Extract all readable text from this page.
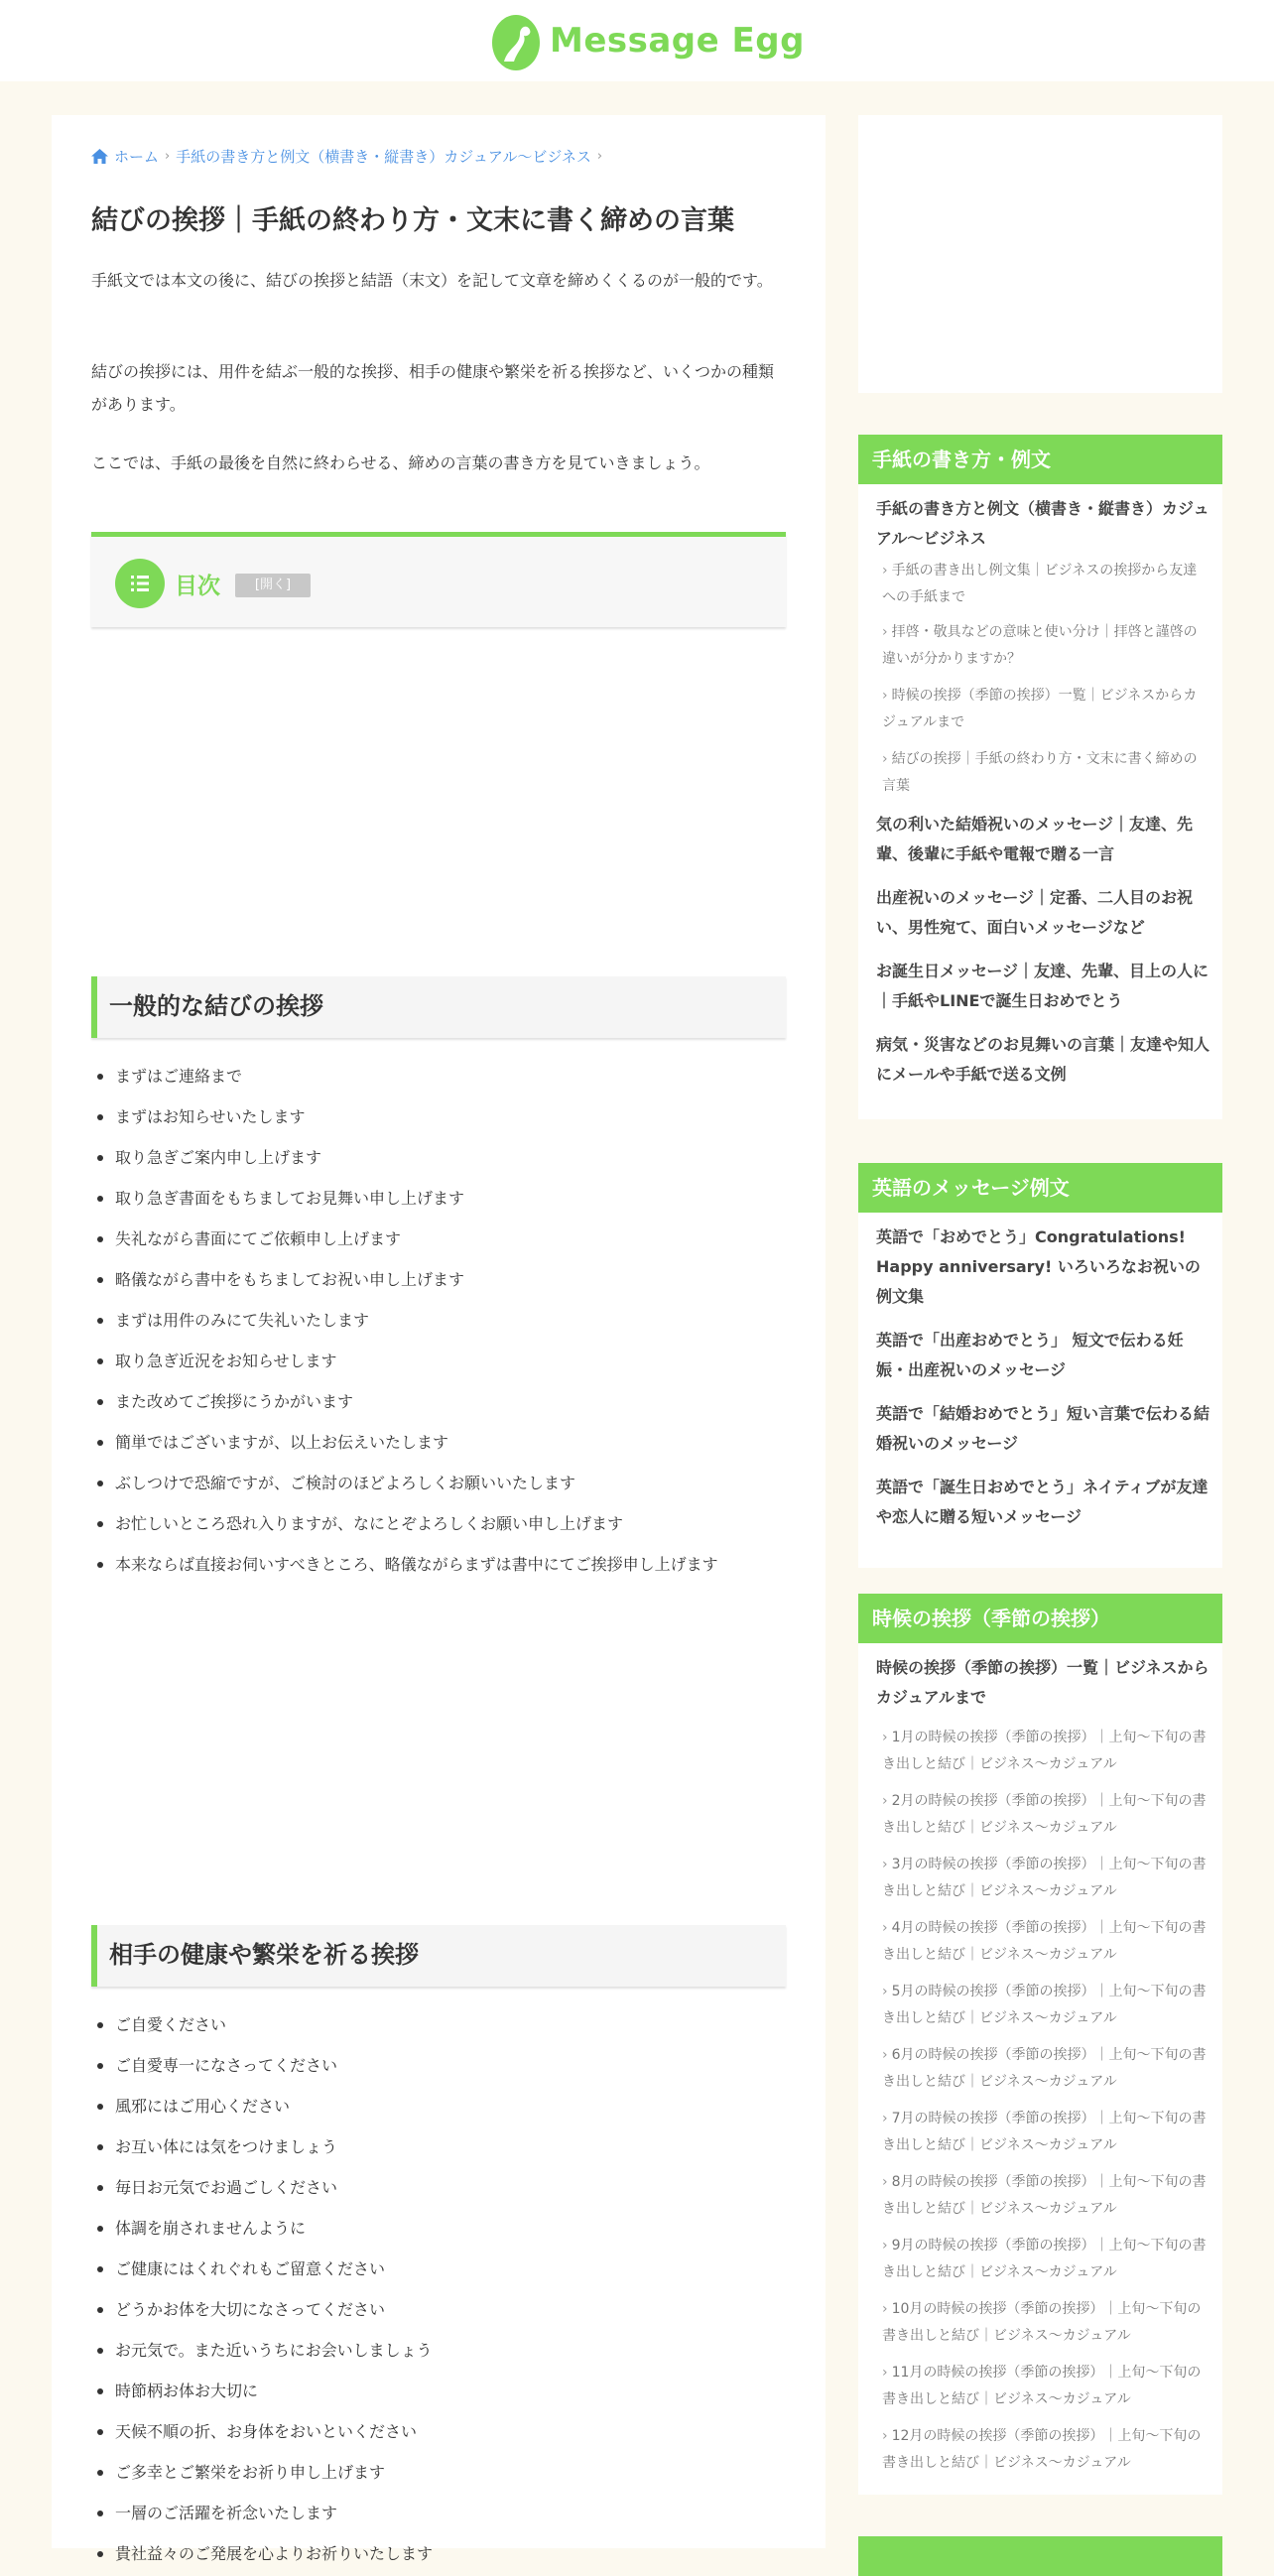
Message Egg
ホーム › 手紙の書き方と例文（横書き・縦書き）カジュアル～ビジネス ›
結びの挨拶｜手紙の終わり方・文末に書く締めの言葉

手紙文では本文の後に、結びの挨拶と結語（末文）を記して文章を締めくくるのが一般的です。

結びの挨拶には、用件を結ぶ一般的な挨拶、相手の健康や繁栄を祈る挨拶など、いくつかの種類があります。

ここでは、手紙の最後を自然に終わらせる、締めの言葉の書き方を見ていきましょう。

目次	[開く]
一般的な結びの挨拶
まずはご連絡まで
まずはお知らせいたします
取り急ぎご案内申し上げます
取り急ぎ書面をもちましてお見舞い申し上げます
失礼ながら書面にてご依頼申し上げます
略儀ながら書中をもちましてお祝い申し上げます
まずは用件のみにて失礼いたします
取り急ぎ近況をお知らせします
また改めてご挨拶にうかがいます
簡単ではございますが、以上お伝えいたします
ぶしつけで恐縮ですが、ご検討のほどよろしくお願いいたします
お忙しいところ恐れ入りますが、なにとぞよろしくお願い申し上げます
本来ならば直接お伺いすべきところ、略儀ながらまずは書中にてご挨拶申し上げます
相手の健康や繁栄を祈る挨拶
ご自愛ください
ご自愛専一になさってください
風邪にはご用心ください
お互い体には気をつけましょう
毎日お元気でお過ごしください
体調を崩されませんように
ご健康にはくれぐれもご留意ください
どうかお体を大切になさってください
お元気で。また近いうちにお会いしましょう
時節柄お体お大切に
天候不順の折、お身体をおいといください
ご多幸とご繁栄をお祈り申し上げます
一層のご活躍を祈念いたします
貴社益々のご発展を心よりお祈りいたします
手紙の書き方・例文
手紙の書き方と例文（横書き・縦書き）カジュアル～ビジネス
› 手紙の書き出し例文集｜ビジネスの挨拶から友達への手紙まで
› 拝啓・敬具などの意味と使い分け｜拝啓と謹啓の違いが分かりますか？
› 時候の挨拶（季節の挨拶）一覧｜ビジネスからカジュアルまで
› 結びの挨拶｜手紙の終わり方・文末に書く締めの言葉
気の利いた結婚祝いのメッセージ｜友達、先輩、後輩に手紙や電報で贈る一言
出産祝いのメッセージ｜定番、二人目のお祝い、男性宛て、面白いメッセージなど
お誕生日メッセージ｜友達、先輩、目上の人に｜手紙やLINEで誕生日おめでとう
病気・災害などのお見舞いの言葉｜友達や知人にメールや手紙で送る文例
英語のメッセージ例文
英語で「おめでとう」Congratulations! Happy anniversary! いろいろなお祝いの例文集
英語で「出産おめでとう」 短文で伝わる妊娠・出産祝いのメッセージ
英語で「結婚おめでとう」短い言葉で伝わる結婚祝いのメッセージ
英語で「誕生日おめでとう」ネイティブが友達や恋人に贈る短いメッセージ
時候の挨拶（季節の挨拶）
時候の挨拶（季節の挨拶）一覧｜ビジネスからカジュアルまで
› 1月の時候の挨拶（季節の挨拶）｜上旬～下旬の書き出しと結び｜ビジネス～カジュアル
› 2月の時候の挨拶（季節の挨拶）｜上旬～下旬の書き出しと結び｜ビジネス～カジュアル
› 3月の時候の挨拶（季節の挨拶）｜上旬～下旬の書き出しと結び｜ビジネス～カジュアル
› 4月の時候の挨拶（季節の挨拶）｜上旬～下旬の書き出しと結び｜ビジネス～カジュアル
› 5月の時候の挨拶（季節の挨拶）｜上旬～下旬の書き出しと結び｜ビジネス～カジュアル
› 6月の時候の挨拶（季節の挨拶）｜上旬～下旬の書き出しと結び｜ビジネス～カジュアル
› 7月の時候の挨拶（季節の挨拶）｜上旬～下旬の書き出しと結び｜ビジネス～カジュアル
› 8月の時候の挨拶（季節の挨拶）｜上旬～下旬の書き出しと結び｜ビジネス～カジュアル
› 9月の時候の挨拶（季節の挨拶）｜上旬～下旬の書き出しと結び｜ビジネス～カジュアル
› 10月の時候の挨拶（季節の挨拶）｜上旬～下旬の書き出しと結び｜ビジネス～カジュアル
› 11月の時候の挨拶（季節の挨拶）｜上旬～下旬の書き出しと結び｜ビジネス～カジュアル
› 12月の時候の挨拶（季節の挨拶）｜上旬～下旬の書き出しと結び｜ビジネス～カジュアル
